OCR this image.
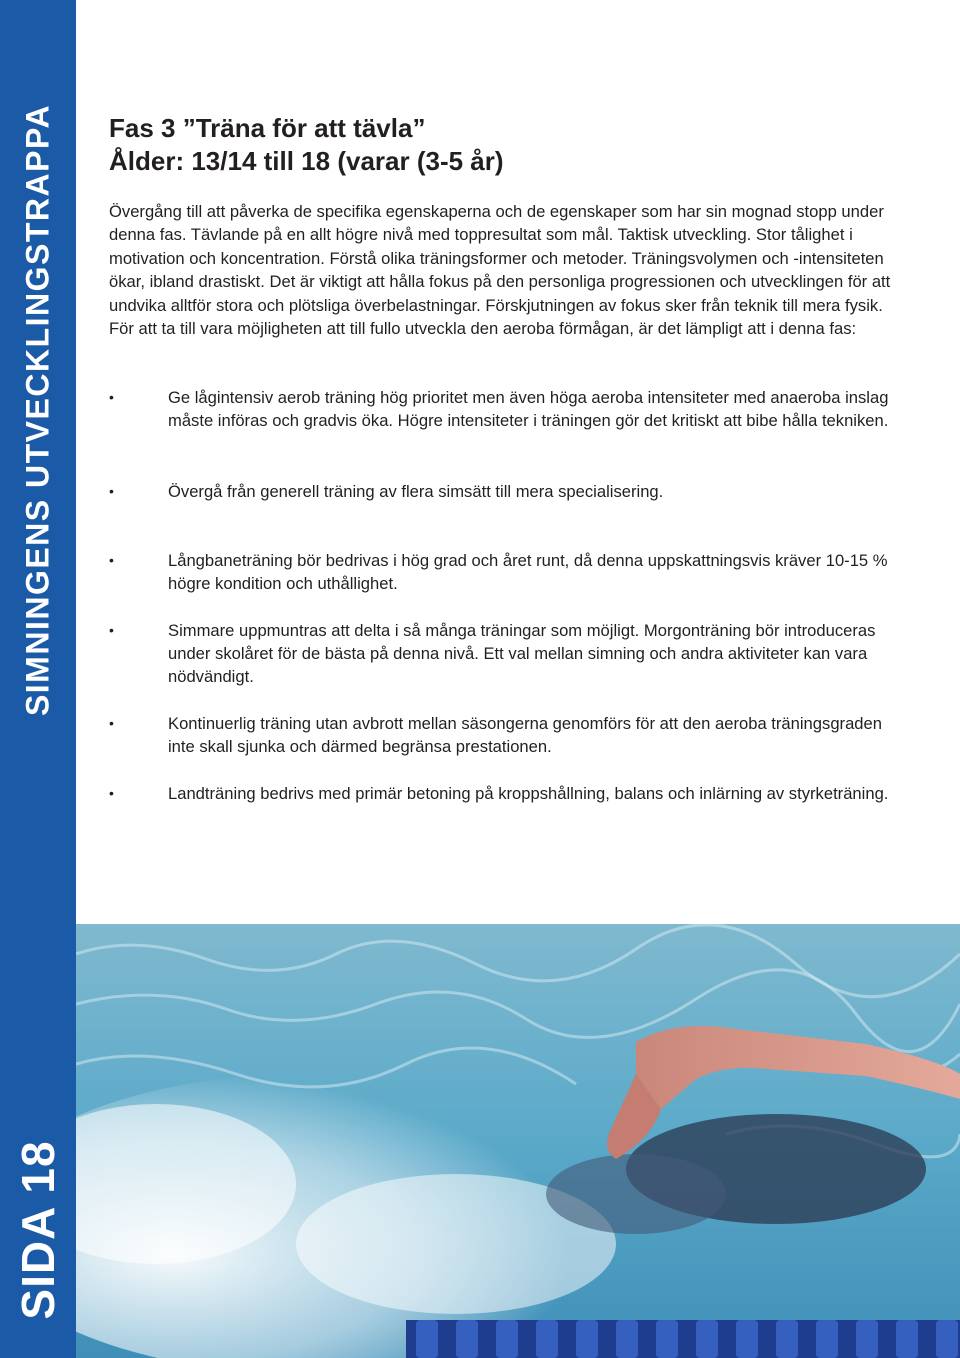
SIMNINGENS UTVECKLINGSTRAPPA
SIDA 18
Fas 3 ”Träna för att tävla”
Ålder: 13/14 till 18 (varar (3-5 år)

Övergång till att påverka de specifika egenskaperna och de egenskaper som har sin mognad stopp under denna fas. Tävlande på en allt högre nivå med toppresultat som mål. Taktisk utveckling. Stor tålighet i motivation och koncentration. Förstå olika träningsformer och metoder. Träningsvolymen och -intensiteten ökar, ibland drastiskt. Det är viktigt att hålla fokus på den personliga progressionen och utvecklingen för att undvika alltför stora och plötsliga överbelastningar. Förskjutningen av fokus sker från teknik till mera fysik. För att ta till vara möjligheten att till fullo utveckla den aeroba förmågan, är det lämpligt att i denna fas:

•	Ge lågintensiv aerob träning hög prioritet men även höga aeroba intensiteter med anaeroba inslag måste införas och gradvis öka. Högre intensiteter i träningen gör det kritiskt att bibe hålla tekniken.
•	Övergå från generell träning av flera simsätt till mera specialisering.
•	Långbaneträning bör bedrivas i hög grad och året runt, då denna uppskattningsvis kräver 10-15 % högre kondition och uthållighet.
•	Simmare uppmuntras att delta i så många träningar som möjligt. Morgonträning bör introduceras under skolåret för de bästa på denna nivå. Ett val mellan simning och andra aktiviteter kan vara nödvändigt.
•	Kontinuerlig träning utan avbrott mellan säsongerna genomförs för att den aeroba träningsgraden inte skall sjunka och därmed begränsa prestationen.
•	Landträning bedrivs med primär betoning på kroppshållning, balans och inlärning av styrketräning.
